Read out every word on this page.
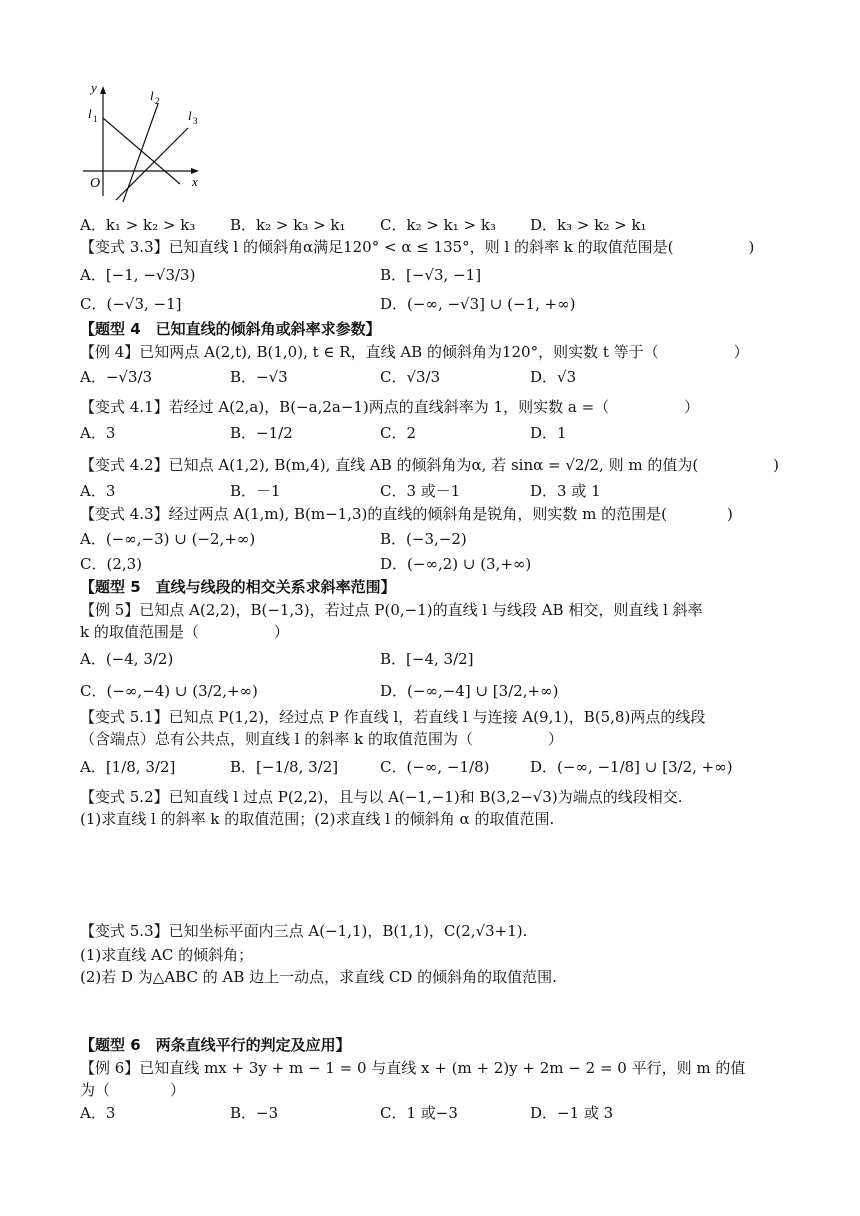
y
l 1
l 2
l 3
O	x
A．k₁ > k₂ > k₃ B．k₂ > k₃ > k₁ C．k₂ > k₁ > k₃ D．k₃ > k₂ > k₁
【变式 3.3】已知直线 l 的倾斜角α满足120° < α ≤ 135°，则 l 的斜率 k 的取值范围是(　　　　　)
A．[−1, −√3/3)	B．[−√3, −1]
C．(−√3, −1]	D．(−∞, −√3] ∪ (−1, +∞)
【题型 4　已知直线的倾斜角或斜率求参数】
【例 4】已知两点 A(2,t), B(1,0), t ∈ R，直线 AB 的倾斜角为120°，则实数 t 等于（　　　　　）
A．−√3/3	B．−√3	C．√3/3	D．√3
【变式 4.1】若经过 A(2,a)，B(−a,2a−1)两点的直线斜率为 1，则实数 a =（　　　　　）
A．3	B．−1/2	C．2	D．1
【变式 4.2】已知点 A(1,2), B(m,4), 直线 AB 的倾斜角为α, 若 sinα = √2/2, 则 m 的值为(　　　　　)
A．3	B．－1	C．3 或－1	D．3 或 1
【变式 4.3】经过两点 A(1,m), B(m−1,3)的直线的倾斜角是锐角，则实数 m 的范围是(　　　　)
A．(−∞,−3) ∪ (−2,+∞)	B．(−3,−2)
C．(2,3)	D．(−∞,2) ∪ (3,+∞)
【题型 5　直线与线段的相交关系求斜率范围】
【例 5】已知点 A(2,2)，B(−1,3)，若过点 P(0,−1)的直线 l 与线段 AB 相交，则直线 l 斜率
k 的取值范围是（　　　　　）
A．(−4, 3/2)	B．[−4, 3/2]
C．(−∞,−4) ∪ (3/2,+∞)	D．(−∞,−4] ∪ [3/2,+∞)
【变式 5.1】已知点 P(1,2)，经过点 P 作直线 l，若直线 l 与连接 A(9,1)，B(5,8)两点的线段
（含端点）总有公共点，则直线 l 的斜率 k 的取值范围为（　　　　　）
A．[1/8, 3/2]	B．[−1/8, 3/2]	C．(−∞, −1/8)	D．(−∞, −1/8] ∪ [3/2, +∞)
【变式 5.2】已知直线 l 过点 P(2,2)，且与以 A(−1,−1)和 B(3,2−√3)为端点的线段相交.
(1)求直线 l 的斜率 k 的取值范围；(2)求直线 l 的倾斜角 α 的取值范围.
【变式 5.3】已知坐标平面内三点 A(−1,1)，B(1,1)，C(2,√3+1).
(1)求直线 AC 的倾斜角；
(2)若 D 为△ABC 的 AB 边上一动点，求直线 CD 的倾斜角的取值范围.
【题型 6　两条直线平行的判定及应用】
【例 6】已知直线 mx + 3y + m − 1 = 0 与直线 x + (m + 2)y + 2m − 2 = 0 平行，则 m 的值
为（　　　　）
A．3	B．−3	C．1 或−3	D．−1 或 3
